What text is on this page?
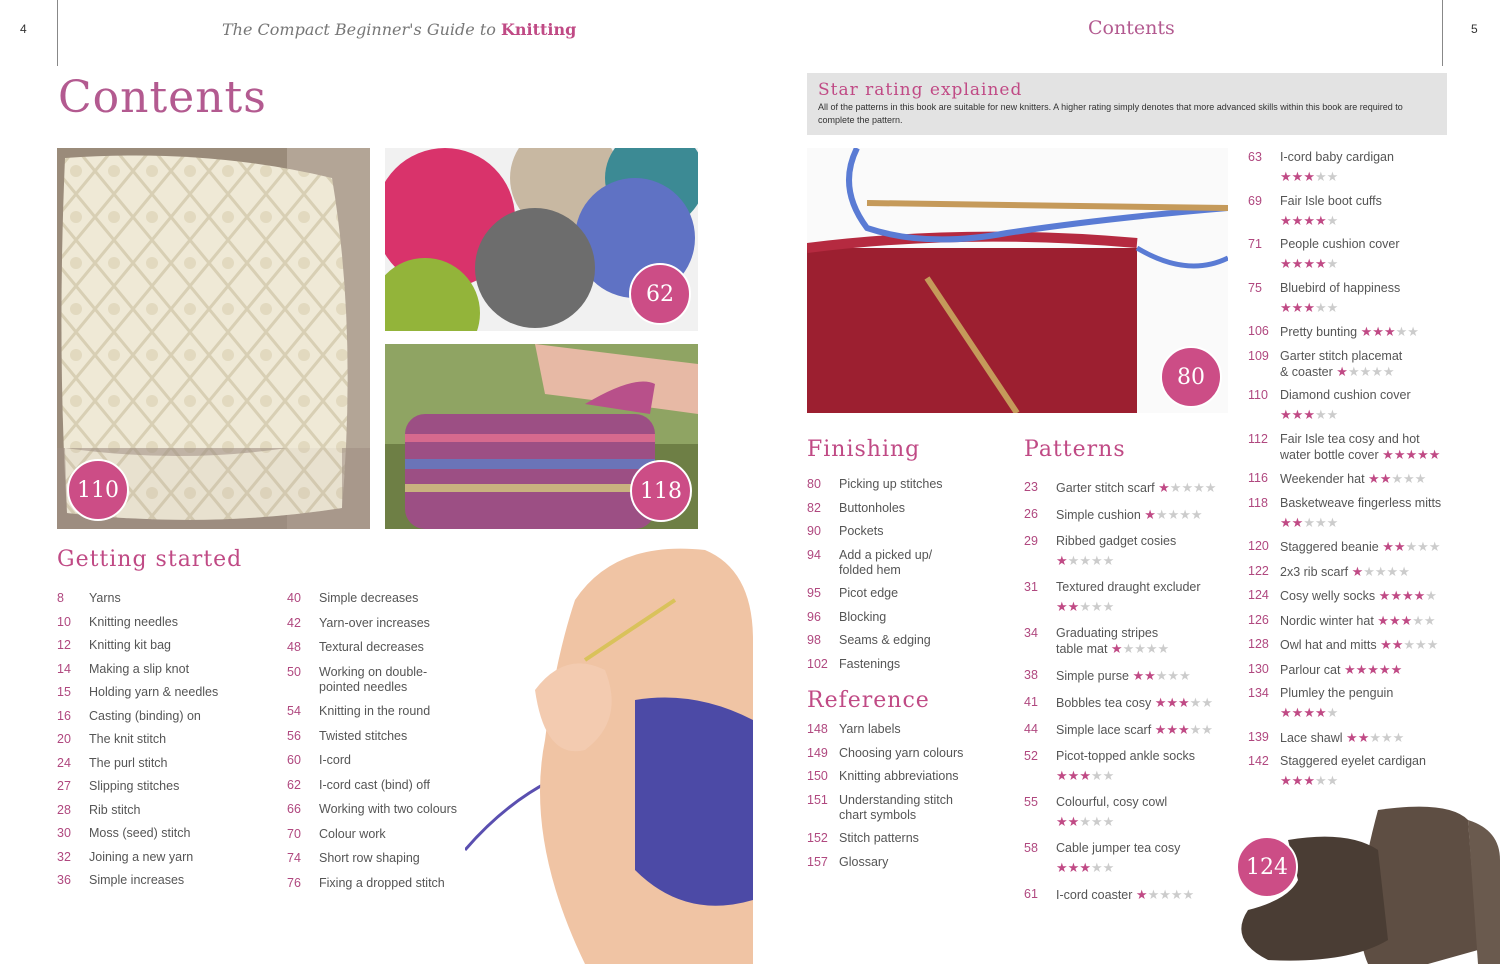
4	5
The Compact Beginner's Guide to Knitting	Contents
Contents
110
62
118
Getting started
8 Yarns
10 Knitting needles
12 Knitting kit bag
14 Making a slip knot
15 Holding yarn & needles
16 Casting (binding) on
20 The knit stitch
24 The purl stitch
27 Slipping stitches
28 Rib stitch
30 Moss (seed) stitch
32 Joining a new yarn
36 Simple increases
40 Simple decreases
42 Yarn-over increases
48 Textural decreases
50 Working on double-
pointed needles
54 Knitting in the round
56 Twisted stitches
60 I-cord
62 I-cord cast (bind) off
66 Working with two colours
70 Colour work
74 Short row shaping
76 Fixing a dropped stitch
Star rating explained
All of the patterns in this book are suitable for new knitters. A higher rating simply denotes that more advanced skills within this book are required to complete the pattern.
80
Finishing
80 Picking up stitches
82 Buttonholes
90 Pockets
94 Add a picked up/
folded hem
95 Picot edge
96 Blocking
98 Seams & edging
102 Fastenings
Reference
148 Yarn labels
149 Choosing yarn colours
150 Knitting abbreviations
151 Understanding stitch
chart symbols
152 Stitch patterns
157 Glossary
Patterns
23 Garter stitch scarf ★★★★★
26 Simple cushion ★★★★★
29 Ribbed gadget cosies
★★★★★
31 Textured draught excluder
★★★★★
34 Graduating stripes
table mat ★★★★★
38 Simple purse ★★★★★
41 Bobbles tea cosy ★★★★★
44 Simple lace scarf ★★★★★
52 Picot-topped ankle socks
★★★★★
55 Colourful, cosy cowl
★★★★★
58 Cable jumper tea cosy
★★★★★
61 I-cord coaster ★★★★★
63 I-cord baby cardigan
★★★★★
69 Fair Isle boot cuffs
★★★★★
71 People cushion cover
★★★★★
75 Bluebird of happiness
★★★★★
106 Pretty bunting ★★★★★
109 Garter stitch placemat
& coaster ★★★★★
110 Diamond cushion cover
★★★★★
112 Fair Isle tea cosy and hot
water bottle cover ★★★★★
116 Weekender hat ★★★★★
118 Basketweave fingerless mitts
★★★★★
120 Staggered beanie ★★★★★
122 2x3 rib scarf ★★★★★
124 Cosy welly socks ★★★★★
126 Nordic winter hat ★★★★★
128 Owl hat and mitts ★★★★★
130 Parlour cat ★★★★★
134 Plumley the penguin
★★★★★
139 Lace shawl ★★★★★
142 Staggered eyelet cardigan
★★★★★
124
